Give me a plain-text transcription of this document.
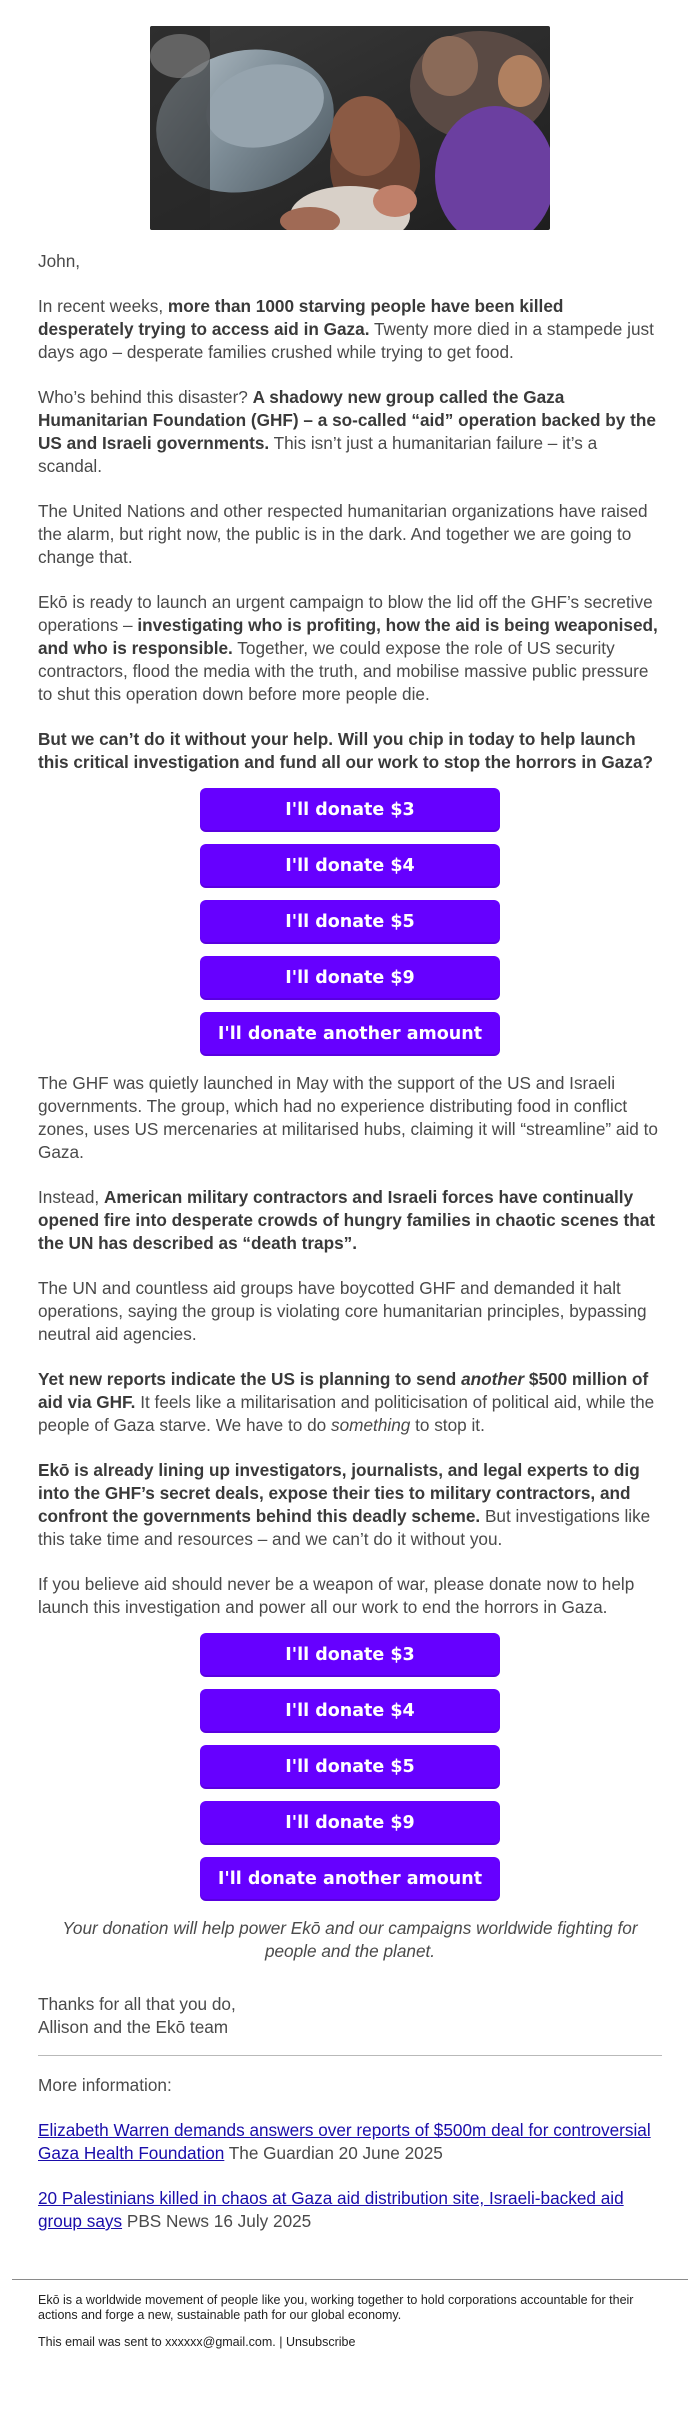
John,

In recent weeks, more than 1000 starving people have been killed desperately trying to access aid in Gaza. Twenty more died in a stampede just days ago – desperate families crushed while trying to get food.

Who’s behind this disaster? A shadowy new group called the Gaza Humanitarian Foundation (GHF) – a so-called “aid” operation backed by the US and Israeli governments. This isn’t just a humanitarian failure – it’s a scandal.

The United Nations and other respected humanitarian organizations have raised the alarm, but right now, the public is in the dark. And together we are going to change that.

Ekō is ready to launch an urgent campaign to blow the lid off the GHF’s secretive operations – investigating who is profiting, how the aid is being weaponised, and who is responsible. Together, we could expose the role of US security contractors, flood the media with the truth, and mobilise massive public pressure to shut this operation down before more people die.

But we can’t do it without your help. Will you chip in today to help launch this critical investigation and fund all our work to stop the horrors in Gaza?

I'll donate $3
I'll donate $4
I'll donate $5
I'll donate $9
I'll donate another amount

The GHF was quietly launched in May with the support of the US and Israeli governments. The group, which had no experience distributing food in conflict zones, uses US mercenaries at militarised hubs, claiming it will “streamline” aid to Gaza.

Instead, American military contractors and Israeli forces have continually opened fire into desperate crowds of hungry families in chaotic scenes that the UN has described as “death traps”.

The UN and countless aid groups have boycotted GHF and demanded it halt operations, saying the group is violating core humanitarian principles, bypassing neutral aid agencies.

Yet new reports indicate the US is planning to send another $500 million of aid via GHF. It feels like a militarisation and politicisation of political aid, while the people of Gaza starve. We have to do something to stop it.

Ekō is already lining up investigators, journalists, and legal experts to dig into the GHF’s secret deals, expose their ties to military contractors, and confront the governments behind this deadly scheme. But investigations like this take time and resources – and we can’t do it without you.

If you believe aid should never be a weapon of war, please donate now to help launch this investigation and power all our work to end the horrors in Gaza.

I'll donate $3
I'll donate $4
I'll donate $5
I'll donate $9
I'll donate another amount

Your donation will help power Ekō and our campaigns worldwide fighting for people and the planet.

Thanks for all that you do,
Allison and the Ekō team

More information:

Elizabeth Warren demands answers over reports of $500m deal for controversial Gaza Health Foundation The Guardian 20 June 2025

20 Palestinians killed in chaos at Gaza aid distribution site, Israeli-backed aid group says PBS News 16 July 2025

Ekō is a worldwide movement of people like you, working together to hold corporations accountable for their actions and forge a new, sustainable path for our global economy.

This email was sent to xxxxxx@gmail.com. | Unsubscribe
